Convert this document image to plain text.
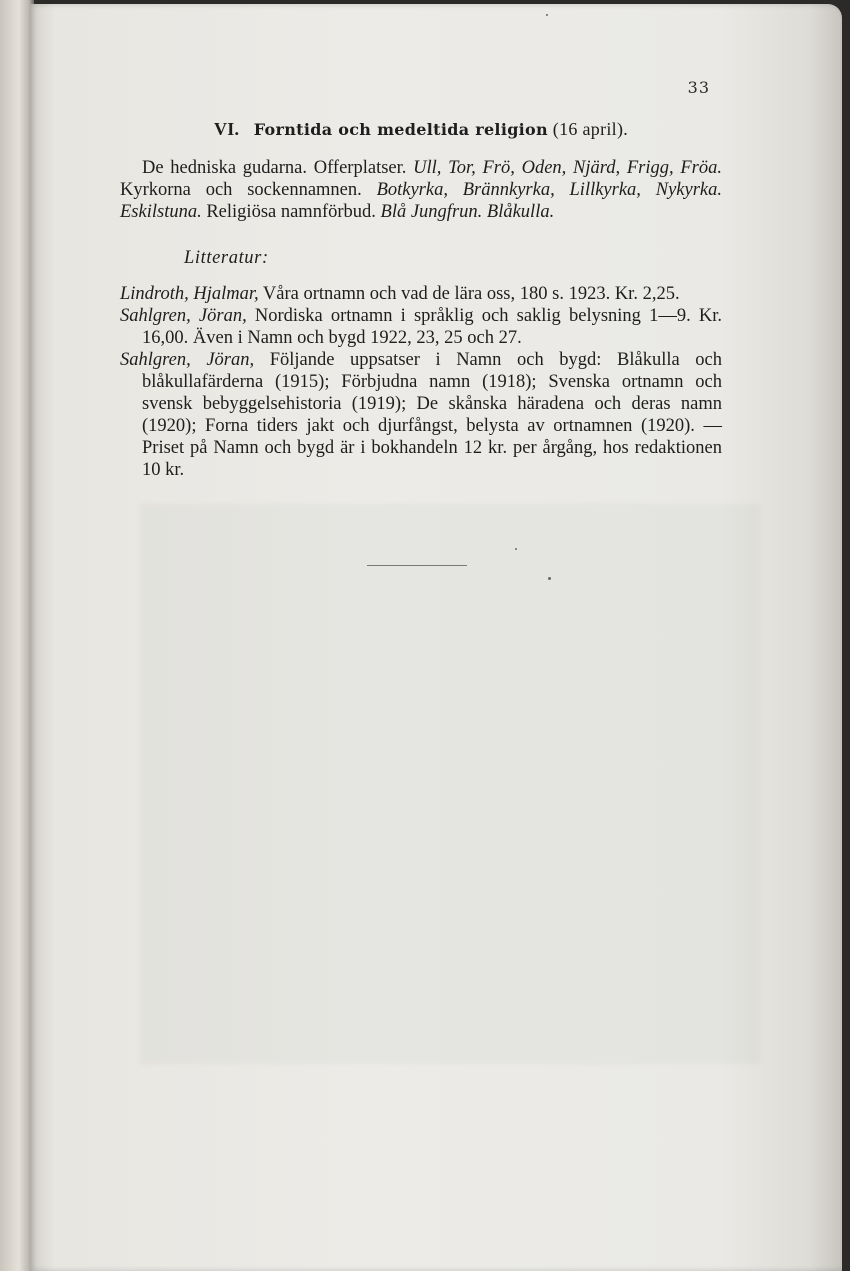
33
VI. Forntida och medeltida religion (16 april).

De hedniska gudarna. Offerplatser. Ull, Tor, Frö, Oden, Njärd, Frigg, Fröa. Kyrkorna och sockennamnen. Botkyrka, Brännkyrka, Lillkyrka, Nykyrka. Eskilstuna. Religiösa namnförbud. Blå Jungfrun. Blåkulla.

Litteratur:

Lindroth, Hjalmar, Våra ortnamn och vad de lära oss, 180 s. 1923. Kr. 2,25.

Sahlgren, Jöran, Nordiska ortnamn i språklig och saklig belysning 1—9. Kr. 16,00. Även i Namn och bygd 1922, 23, 25 och 27.

Sahlgren, Jöran, Följande uppsatser i Namn och bygd: Blåkulla och blåkullafärderna (1915); Förbjudna namn (1918); Svenska ortnamn och svensk bebyggelsehistoria (1919); De skånska häradena och deras namn (1920); Forna tiders jakt och djurfångst, belysta av ortnamnen (1920). — Priset på Namn och bygd är i bokhandeln 12 kr. per årgång, hos redaktionen 10 kr.
